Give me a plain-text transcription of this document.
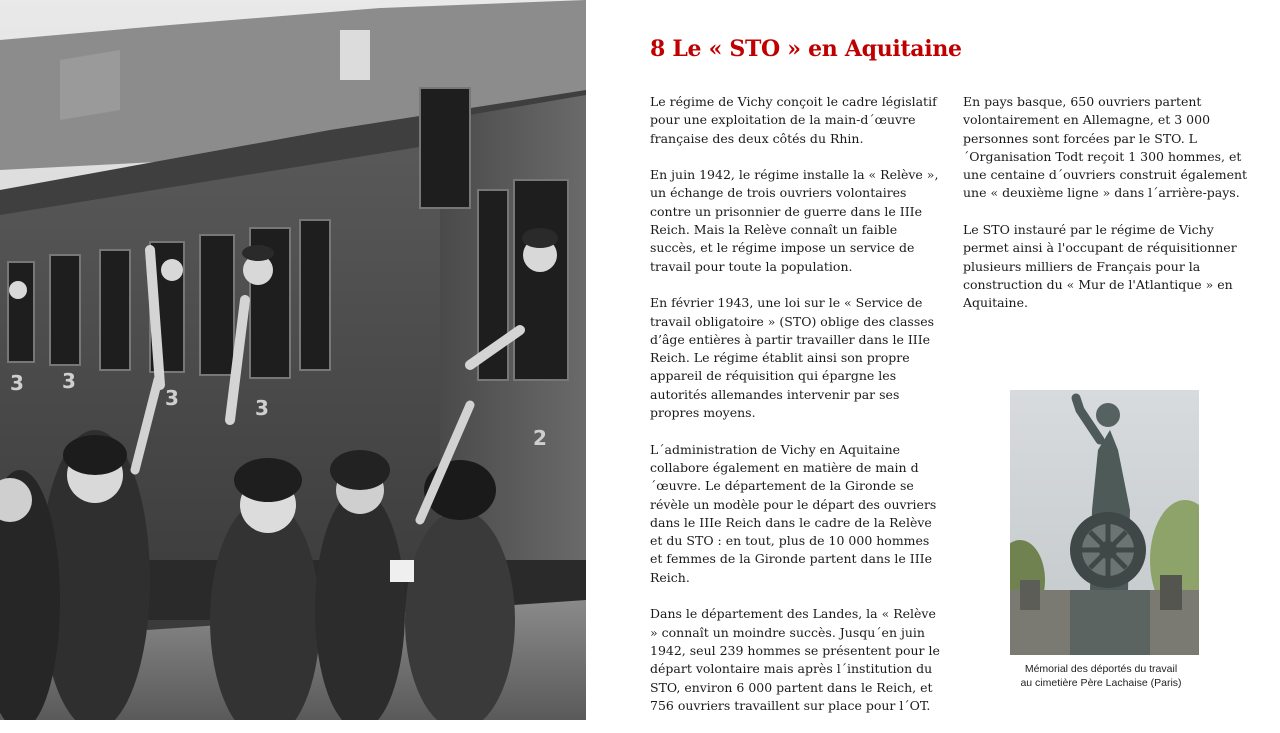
3 3
3	3
2
8 Le « STO » en Aquitaine

Le régime de Vichy conçoit le cadre législatif pour une exploitation de la main-d´œuvre française des deux côtés du Rhin.

En juin 1942, le régime installe la « Relève », un échange de trois ouvriers volontaires contre un prisonnier de guerre dans le IIIe Reich. Mais la Relève connaît un faible succès, et le régime impose un service de travail pour toute la population.

En février 1943, une loi sur le « Service de travail obligatoire » (STO) oblige des classes d’âge entières à partir travailler dans le IIIe Reich. Le régime établit ainsi son propre appareil de réquisition qui épargne les autorités allemandes intervenir par ses propres moyens.

L´administration de Vichy en Aquitaine collabore également en matière de main d´œuvre. Le département de la Gironde se révèle un modèle pour le départ des ouvriers dans le IIIe Reich dans le cadre de la Relève et du STO : en tout, plus de 10 000 hommes et femmes de la Gironde partent dans le IIIe Reich.

Dans le département des Landes, la « Relève » connaît un moindre succès. Jusqu´en juin 1942, seul 239 hommes se présentent pour le départ volontaire mais après l´institution du STO, environ 6 000 partent dans le Reich, et 756 ouvriers travaillent sur place pour l´OT.

En pays basque, 650 ouvriers partent volontairement en Allemagne, et 3 000 personnes sont forcées par le STO. L´Organisation Todt reçoit 1 300 hommes, et une centaine d´ouvriers construit également une « deuxième ligne » dans l´arrière-pays.

Le STO instauré par le régime de Vichy permet ainsi à l'occupant de réquisitionner plusieurs milliers de Français pour la construction du « Mur de l'Atlantique » en Aquitaine.

Mémorial des déportés du travail
au cimetière Père Lachaise (Paris)
